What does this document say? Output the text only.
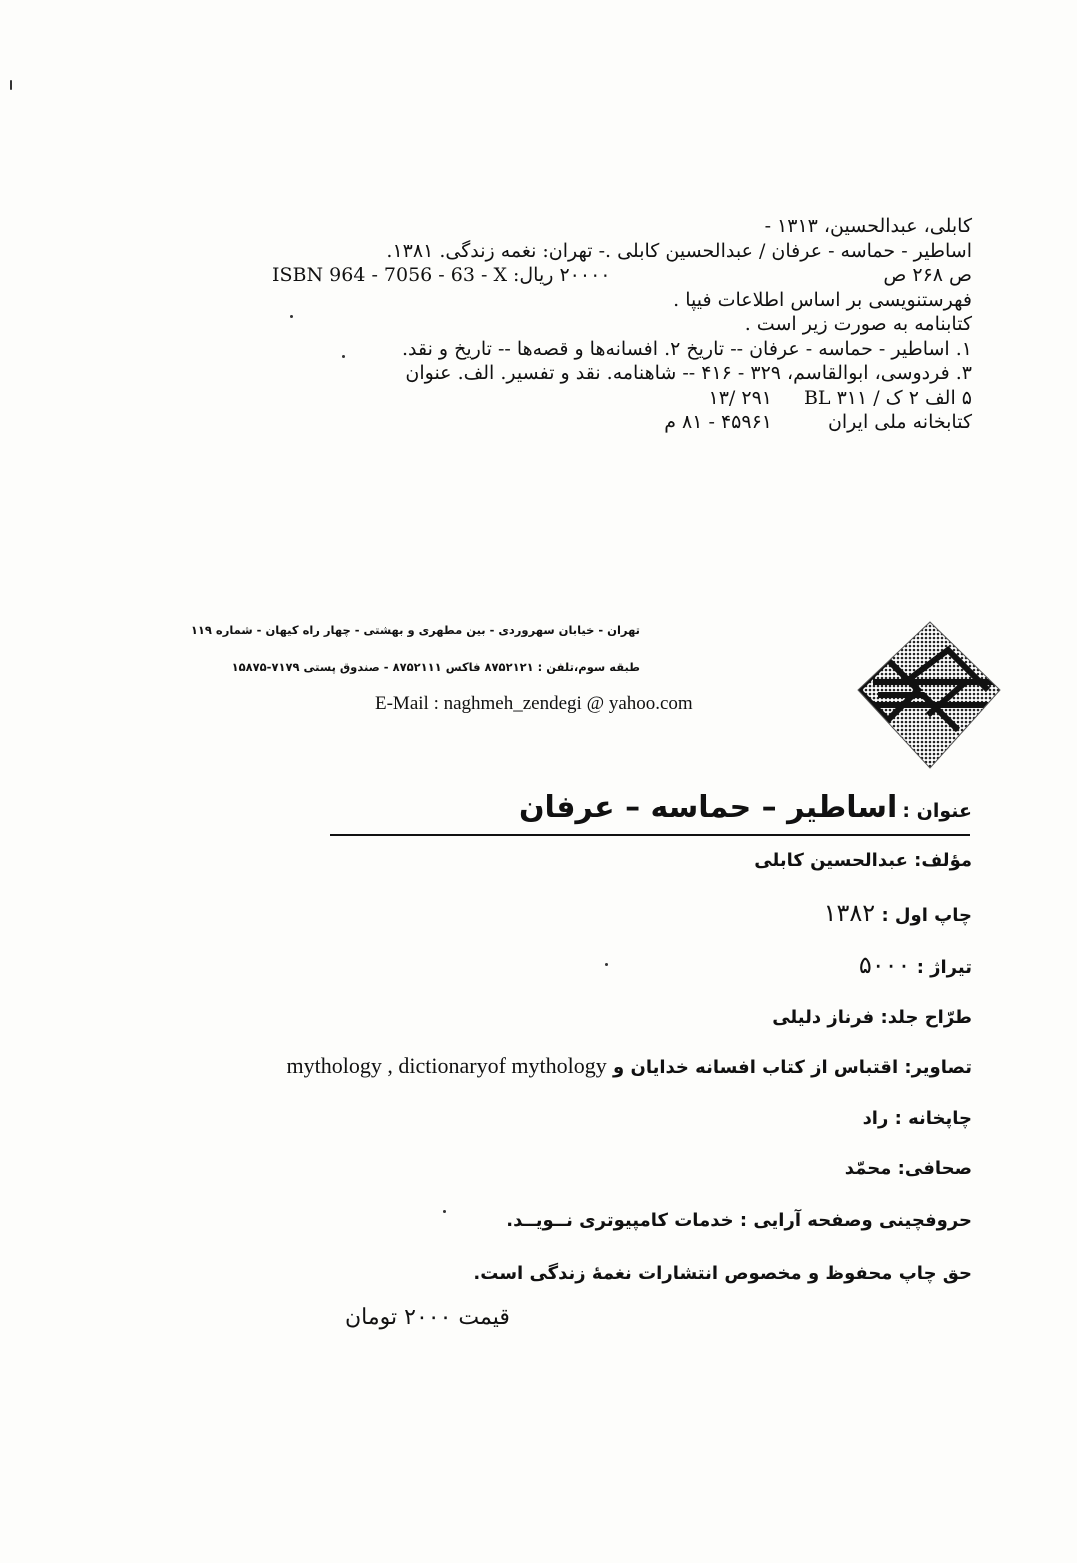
کابلی، عبدالحسین، ۱۳۱۳ -
اساطیر - حماسه - عرفان / عبدالحسین کابلی .- تهران: نغمه زندگی. ۱۳۸۱.
ص ۲۶۸ ص
۲۰۰۰۰ ریال:
ISBN 964 - 7056 - 63 - X
فهرستنویسی بر اساس اطلاعات فیپا .
کتابنامه به صورت زیر است .
۱. اساطیر - حماسه - عرفان -- تاریخ ۲. افسانه‌ها و قصه‌ها -- تاریخ و نقد.
۳. فردوسی، ابوالقاسم، ۳۲۹ - ۴۱۶ -- شاهنامه. نقد و تفسیر. الف. عنوان
۵ الف ۲ ک / ۳۱۱ BL
۲۹۱ /۱۳
کتابخانه ملی ایران
۴۵۹۶۱ - ۸۱ م
تهران - خیابان سهروردی - بین مطهری و بهشتی - چهار راه کیهان - شماره ۱۱۹
طبقه سوم،تلفن : ۸۷۵۲۱۲۱ فاکس ۸۷۵۲۱۱۱ - صندوق پستی ۷۱۷۹-۱۵۸۷۵
E-Mail : naghmeh_zendegi @ yahoo.com
عنوان : اساطیر – حماسه – عرفان
مؤلف: عبدالحسین کابلی
چاپ اول : ۱۳۸۲
تیراژ : ۵۰۰۰
طرّاح جلد: فرناز دلیلی
تصاویر: اقتباس از کتاب افسانه خدایان و mythology , dictionaryof mythology
چاپخانه : راد
صحافی: محمّد
حروفچینی وصفحه آرایی : خدمات کامپیوتری نــویــد.
حق چاپ محفوظ و مخصوص انتشارات نغمهٔ زندگی است.
قیمت ۲۰۰۰ تومان
